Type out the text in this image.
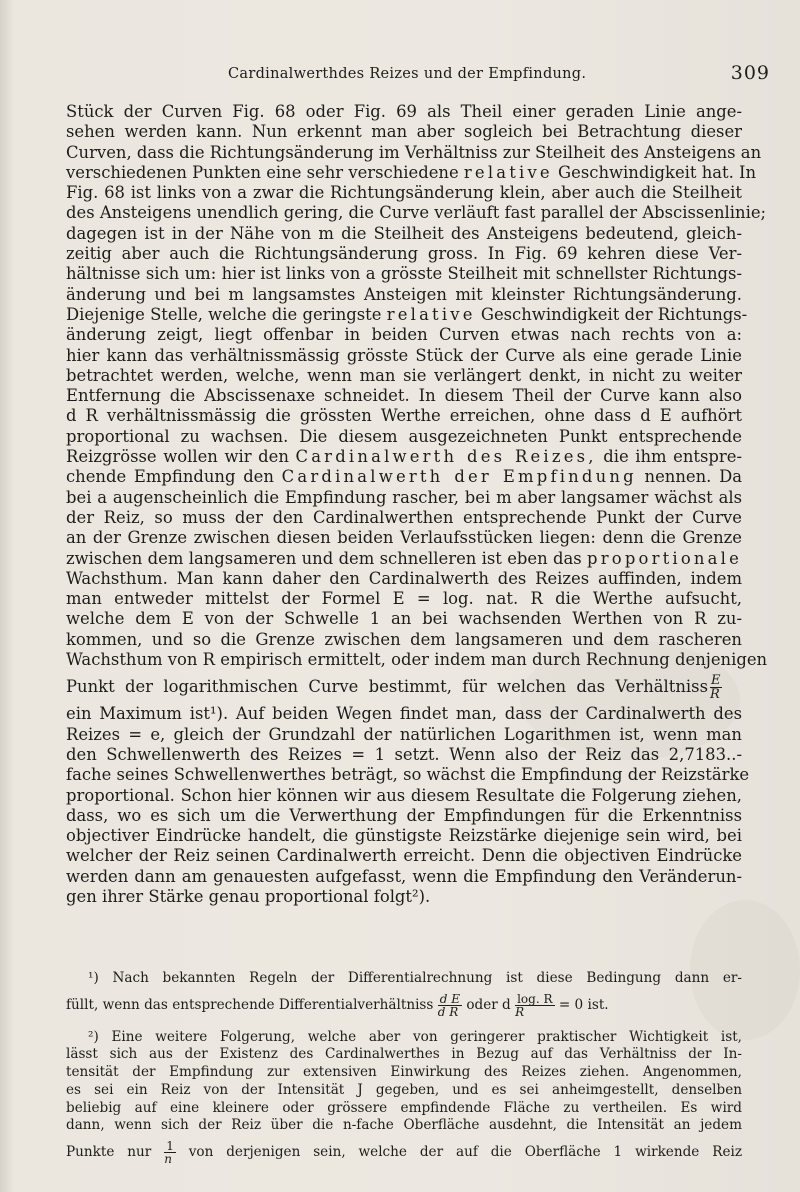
Cardinalwerthdes Reizes und der Empfindung.	309
Stück der Curven Fig. 68 oder Fig. 69 als Theil einer geraden Linie ange-
sehen werden kann. Nun erkennt man aber sogleich bei Betrachtung dieser
Curven, dass die Richtungsänderung im Verhältniss zur Steilheit des Ansteigens an
verschiedenen Punkten eine sehr verschiedene relative Geschwindigkeit hat. In
Fig. 68 ist links von a zwar die Richtungsänderung klein, aber auch die Steilheit
des Ansteigens unendlich gering, die Curve verläuft fast parallel der Abscissenlinie;
dagegen ist in der Nähe von m die Steilheit des Ansteigens bedeutend, gleich-
zeitig aber auch die Richtungsänderung gross. In Fig. 69 kehren diese Ver-
hältnisse sich um: hier ist links von a grösste Steilheit mit schnellster Richtungs-
änderung und bei m langsamstes Ansteigen mit kleinster Richtungsänderung.
Diejenige Stelle, welche die geringste relative Geschwindigkeit der Richtungs-
änderung zeigt, liegt offenbar in beiden Curven etwas nach rechts von a:
hier kann das verhältnissmässig grösste Stück der Curve als eine gerade Linie
betrachtet werden, welche, wenn man sie verlängert denkt, in nicht zu weiter
Entfernung die Abscissenaxe schneidet. In diesem Theil der Curve kann also
d R verhältnissmässig die grössten Werthe erreichen, ohne dass d E aufhört
proportional zu wachsen. Die diesem ausgezeichneten Punkt entsprechende
Reizgrösse wollen wir den Cardinalwerth des Reizes, die ihm entspre-
chende Empfindung den Cardinalwerth der Empfindung nennen. Da
bei a augenscheinlich die Empfindung rascher, bei m aber langsamer wächst als
der Reiz, so muss der den Cardinalwerthen entsprechende Punkt der Curve
an der Grenze zwischen diesen beiden Verlaufsstücken liegen: denn die Grenze
zwischen dem langsameren und dem schnelleren ist eben das proportionale
Wachsthum. Man kann daher den Cardinalwerth des Reizes auffinden, indem
man entweder mittelst der Formel E = log. nat. R die Werthe aufsucht,
welche dem E von der Schwelle 1 an bei wachsenden Werthen von R zu-
kommen, und so die Grenze zwischen dem langsameren und dem rascheren
Wachsthum von R empirisch ermittelt, oder indem man durch Rechnung denjenigen
Punkt der logarithmischen Curve bestimmt, für welchen das Verhältniss $\frac{E}{R}$
ein Maximum ist¹). Auf beiden Wegen findet man, dass der Cardinalwerth des
Reizes = e, gleich der Grundzahl der natürlichen Logarithmen ist, wenn man
den Schwellenwerth des Reizes = 1 setzt. Wenn also der Reiz das 2,7183..-
fache seines Schwellenwerthes beträgt, so wächst die Empfindung der Reizstärke
proportional. Schon hier können wir aus diesem Resultate die Folgerung ziehen,
dass, wo es sich um die Verwerthung der Empfindungen für die Erkenntniss
objectiver Eindrücke handelt, die günstigste Reizstärke diejenige sein wird, bei
welcher der Reiz seinen Cardinalwerth erreicht. Denn die objectiven Eindrücke
werden dann am genauesten aufgefasst, wenn die Empfindung den Veränderun-
gen ihrer Stärke genau proportional folgt²).
¹) Nach bekannten Regeln der Differentialrechnung ist diese Bedingung dann er-
füllt, wenn das entsprechende Differentialverhältniss $\frac{\text{d E}}{\text{d R}}$ oder d $\frac{\log. R}{R} = 0$ ist.
²) Eine weitere Folgerung, welche aber von geringerer praktischer Wichtigkeit ist,
lässt sich aus der Existenz des Cardinalwerthes in Bezug auf das Verhältniss der In-
tensität der Empfindung zur extensiven Einwirkung des Reizes ziehen. Angenommen,
es sei ein Reiz von der Intensität J gegeben, und es sei anheimgestellt, denselben
beliebig auf eine kleinere oder grössere empfindende Fläche zu vertheilen. Es wird
dann, wenn sich der Reiz über die n-fache Oberfläche ausdehnt, die Intensität an jedem
Punkte nur $\frac{1}{n}$ von derjenigen sein, welche der auf die Oberfläche 1 wirkende Reiz
